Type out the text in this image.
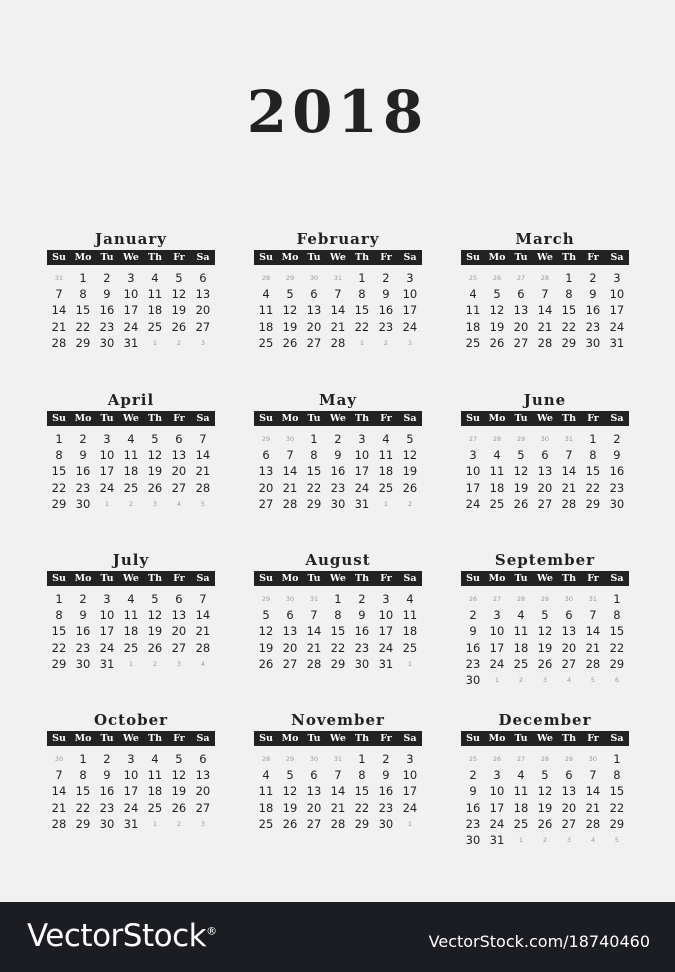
2018
January
Su Mo Tu We Th	Fr	Sa
31	1	2	3	4	5	6
7	8	9	10 11 12 13
14 15 16 17 18 19 20
21 22 23 24 25 26 27
28 29 30 31	1	2	3
February
Su Mo Tu We Th	Fr	Sa
28	29	30	31	1	2	3
4	5	6	7	8	9	10
11 12 13 14 15 16 17
18 19 20 21 22 23 24
25 26 27 28	1	2	3
March
Su Mo Tu We Th	Fr	Sa
25	26	27	28	1	2	3
4	5	6	7	8	9	10
11 12 13 14 15 16 17
18 19 20 21 22 23 24
25 26 27 28 29 30 31
April
Su Mo Tu We Th	Fr	Sa
1	2	3	4	5	6	7
8	9	10 11 12 13 14
15 16 17 18 19 20 21
22 23 24 25 26 27 28
29 30	1	2	3	4	5
May
Su Mo Tu We Th	Fr	Sa
29	30	1	2	3	4	5
6	7	8	9	10 11 12
13 14 15 16 17 18 19
20 21 22 23 24 25 26
27 28 29 30 31	1	2
June
Su Mo Tu We Th	Fr	Sa
27	28	29	30	31	1	2
3	4	5	6	7	8	9
10 11 12 13 14 15 16
17 18 19 20 21 22 23
24 25 26 27 28 29 30
July
Su Mo Tu We Th	Fr	Sa
1	2	3	4	5	6	7
8	9	10 11 12 13 14
15 16 17 18 19 20 21
22 23 24 25 26 27 28
29 30 31	1	2	3	4
August
Su Mo Tu We Th	Fr	Sa
29	30	31	1	2	3	4
5	6	7	8	9	10 11
12 13 14 15 16 17 18
19 20 21 22 23 24 25
26 27 28 29 30 31	1
September
Su Mo Tu We Th	Fr	Sa
26	27	28	29	30	31	1
2	3	4	5	6	7	8
9	10 11 12 13 14 15
16 17 18 19 20 21 22
23 24 25 26 27 28 29
30	1	2	3	4	5	6
October
Su Mo Tu We Th	Fr	Sa
30	1	2	3	4	5	6
7	8	9	10 11 12 13
14 15 16 17 18 19 20
21 22 23 24 25 26 27
28 29 30 31	1	2	3
November
Su Mo Tu We Th	Fr	Sa
28	29	30	31	1	2	3
4	5	6	7	8	9	10
11 12 13 14 15 16 17
18 19 20 21 22 23 24
25 26 27 28 29 30	1
December
Su Mo Tu We Th	Fr	Sa
25	26	27	28	29	30	1
2	3	4	5	6	7	8
9	10 11 12 13 14 15
16 17 18 19 20 21 22
23 24 25 26 27 28 29
30 31	1	2	3	4	5
VectorStock®
VectorStock.com/18740460
